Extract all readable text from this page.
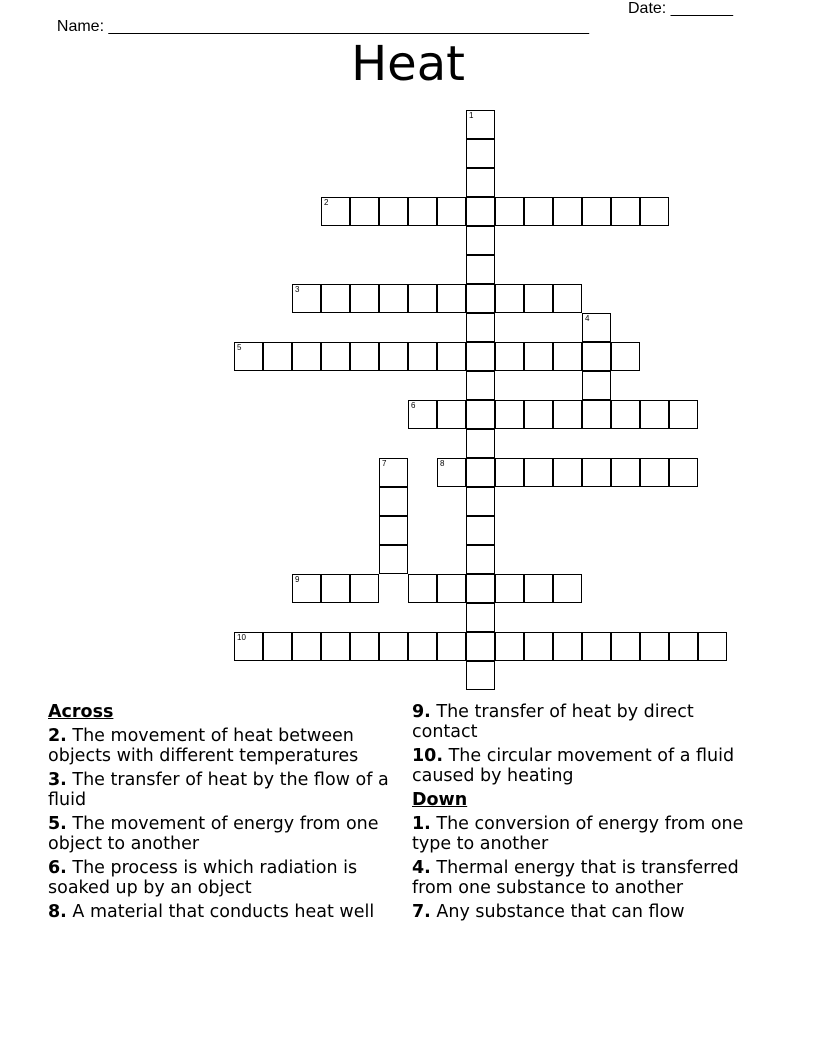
Name: ______________________________________________________

Date: _______

Heat
1
2
3
4
5
6
7	8
9
10
Across
2. The movement of heat between objects with different temperatures
3. The transfer of heat by the flow of a fluid
5. The movement of energy from one object to another
6. The process is which radiation is soaked up by an object
8. A material that conducts heat well
9. The transfer of heat by direct contact
10. The circular movement of a fluid caused by heating
Down
1. The conversion of energy from one type to another
4. Thermal energy that is transferred from one substance to another
7. Any substance that can flow
